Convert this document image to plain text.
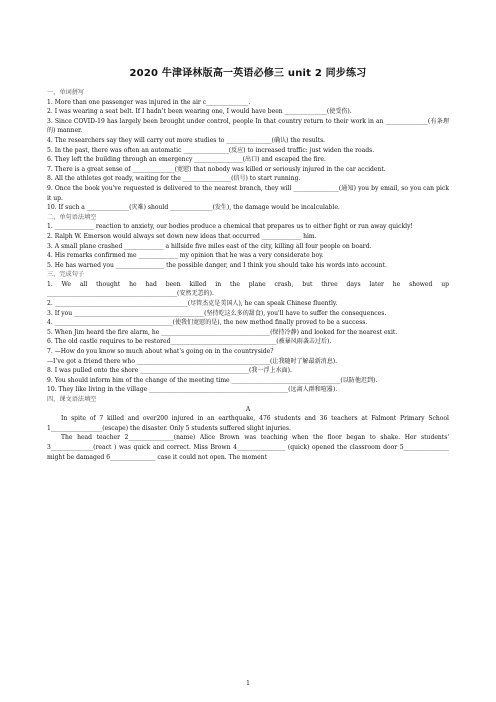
2020 牛津译林版高一英语必修三 unit 2 同步练习
一、单词拼写
1. More than one passenger was injured in the air c______________.
2. I was wearing a seat belt. If I hadn’t been wearing one, I would have been ______________(使受伤).
3. Since COVID-19 has largely been brought under control, people In that country return to their work in an ______________(有条理的) manner.
4. The researchers say they will carry out more studies to _______________(确认) the results.
5. In the past, there was often an automatic _______________(反应) to increased traffic: just widen the roads.
6. They left the building through an emergency ________________(出口) and escaped the fire.
7. There is a great sense of ______________(宽慰) that nobody was killed or seriously injured in the car accident.
8. All the athletes got ready, waiting for the ________________(信号) to start running.
9. Once the book you've requested is delivered to the nearest branch, they will _______________(通知) you by email, so you can pick it up.
10. If such a ______________(灾难) should ______________(发生), the damage would be incalculable.
二、单句语法填空
1. _____________ reaction to anxiety, our bodies produce a chemical that prepares us to either fight or run away quickly!
2. Ralph W. Emerson would always set down new ideas that occurred _____________ him.
3. A small plane crashed _____________ a hillside five miles east of the city, killing all four people on board.
4. His remarks confirmed me _____________ my opinion that he was a very considerate boy.
5. He has warned you ________________ the possible danger, and I think you should take his words into account.
三、完成句子
1. We all thought he had been killed in the plane crash, but three days later he showed up ___________________________________________(安然无恙的).
2. ____________________________________________(尽管杰克是美国人), he can speak Chinese fluently.
3. If you ___________________________________________(坚持吃这么多的甜食), you'll have to suffer the consequences.
4. _______________________________________(使我们宽慰的是), the new method finally proved to be a success.
5. When Jim heard the fire alarm, he ____________________________________(保持冷静) and looked for the nearest exit.
6. The old castle requires to be restored___________________________________(被暴风雨袭击过后).
7. —How do you know so much about what's going on in the countryside?
—I’ve got a friend there who ____________________________________________(让我随时了解最新消息).
8. I was pulled onto the shore ____________________________________(我一浮上水面).
9. You should inform him of the change of the meeting time ____________________________________(以防他迟到).
10. They like living in the village ______________________________________________(远离人群和喧嚣).
四、课文语法填空
A
In spite of 7 killed and over200 injured in an earthquake, 476 students and 36 teachers at Falmont Primary School 1_________________(escape) the disaster. Only 5 students suffered slight injuries.
The head teacher 2_______________(name) Alice Brown was teaching when the floor began to shake. Her students' 3______________(react ) was quick and correct. Miss Brown 4________________ (quick) opened the classroom door 5_______________ might be damaged 6_______________ case it could not open. The moment
1
